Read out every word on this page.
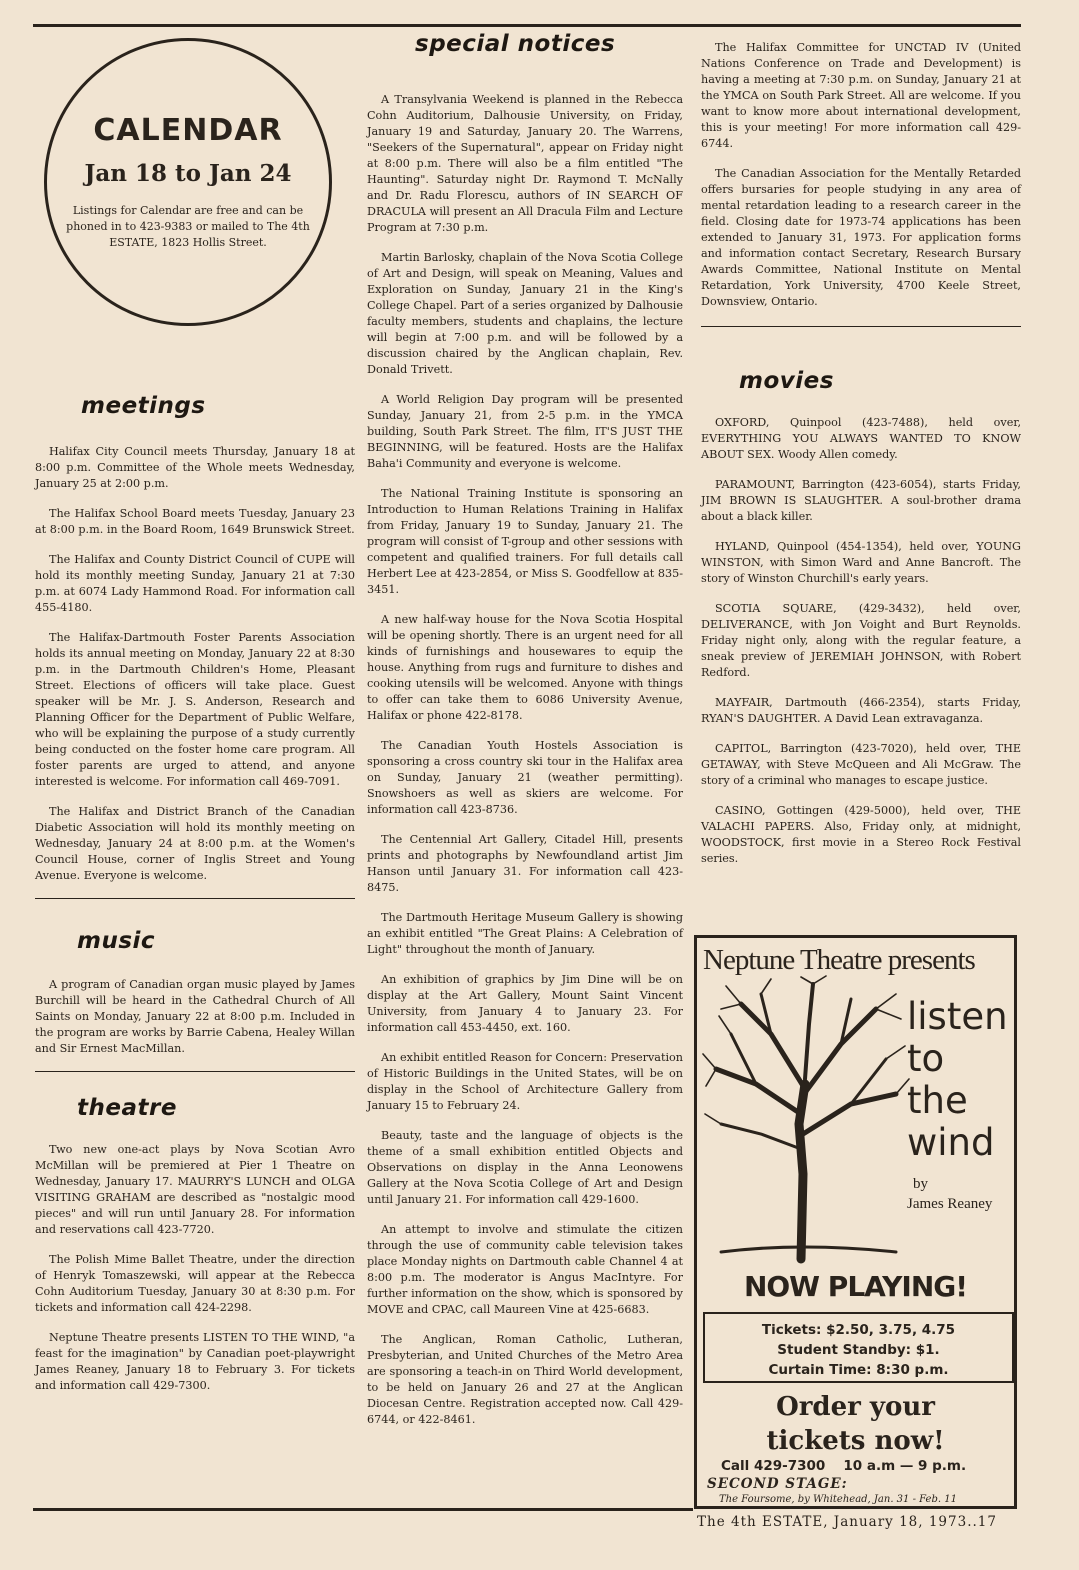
CALENDAR
Jan 18 to Jan 24
Listings for Calendar are free and can be phoned in to 423-9383 or mailed to The 4th ESTATE, 1823 Hollis Street.
meetings

Halifax City Council meets Thursday, January 18 at 8:00 p.m. Committee of the Whole meets Wednesday, January 25 at 2:00 p.m.

The Halifax School Board meets Tuesday, January 23 at 8:00 p.m. in the Board Room, 1649 Brunswick Street.

The Halifax and County District Council of CUPE will hold its monthly meeting Sunday, January 21 at 7:30 p.m. at 6074 Lady Hammond Road. For information call 455-4180.

The Halifax-Dartmouth Foster Parents Association holds its annual meeting on Monday, January 22 at 8:30 p.m. in the Dartmouth Children's Home, Pleasant Street. Elections of officers will take place. Guest speaker will be Mr. J. S. Anderson, Research and Planning Officer for the Department of Public Welfare, who will be explaining the purpose of a study currently being conducted on the foster home care program. All foster parents are urged to attend, and anyone interested is welcome. For information call 469-7091.

The Halifax and District Branch of the Canadian Diabetic Association will hold its monthly meeting on Wednesday, January 24 at 8:00 p.m. at the Women's Council House, corner of Inglis Street and Young Avenue. Everyone is welcome.

music

A program of Canadian organ music played by James Burchill will be heard in the Cathedral Church of All Saints on Monday, January 22 at 8:00 p.m. Included in the program are works by Barrie Cabena, Healey Willan and Sir Ernest MacMillan.

theatre

Two new one-act plays by Nova Scotian Avro McMillan will be premiered at Pier 1 Theatre on Wednesday, January 17. MAURRY'S LUNCH and OLGA VISITING GRAHAM are described as "nostalgic mood pieces" and will run until January 28. For information and reservations call 423-7720.

The Polish Mime Ballet Theatre, under the direction of Henryk Tomaszewski, will appear at the Rebecca Cohn Auditorium Tuesday, January 30 at 8:30 p.m. For tickets and information call 424-2298.

Neptune Theatre presents LISTEN TO THE WIND, "a feast for the imagination" by Canadian poet-playwright James Reaney, January 18 to February 3. For tickets and information call 429-7300.

special notices

A Transylvania Weekend is planned in the Rebecca Cohn Auditorium, Dalhousie University, on Friday, January 19 and Saturday, January 20. The Warrens, "Seekers of the Supernatural", appear on Friday night at 8:00 p.m. There will also be a film entitled "The Haunting". Saturday night Dr. Raymond T. McNally and Dr. Radu Florescu, authors of IN SEARCH OF DRACULA will present an All Dracula Film and Lecture Program at 7:30 p.m.

Martin Barlosky, chaplain of the Nova Scotia College of Art and Design, will speak on Meaning, Values and Exploration on Sunday, January 21 in the King's College Chapel. Part of a series organized by Dalhousie faculty members, students and chaplains, the lecture will begin at 7:00 p.m. and will be followed by a discussion chaired by the Anglican chaplain, Rev. Donald Trivett.

A World Religion Day program will be presented Sunday, January 21, from 2-5 p.m. in the YMCA building, South Park Street. The film, IT'S JUST THE BEGINNING, will be featured. Hosts are the Halifax Baha'i Community and everyone is welcome.

The National Training Institute is sponsoring an Introduction to Human Relations Training in Halifax from Friday, January 19 to Sunday, January 21. The program will consist of T-group and other sessions with competent and qualified trainers. For full details call Herbert Lee at 423-2854, or Miss S. Goodfellow at 835-3451.

A new half-way house for the Nova Scotia Hospital will be opening shortly. There is an urgent need for all kinds of furnishings and housewares to equip the house. Anything from rugs and furniture to dishes and cooking utensils will be welcomed. Anyone with things to offer can take them to 6086 University Avenue, Halifax or phone 422-8178.

The Canadian Youth Hostels Association is sponsoring a cross country ski tour in the Halifax area on Sunday, January 21 (weather permitting). Snowshoers as well as skiers are welcome. For information call 423-8736.

The Centennial Art Gallery, Citadel Hill, presents prints and photographs by Newfoundland artist Jim Hanson until January 31. For information call 423-8475.

The Dartmouth Heritage Museum Gallery is showing an exhibit entitled "The Great Plains: A Celebration of Light" throughout the month of January.

An exhibition of graphics by Jim Dine will be on display at the Art Gallery, Mount Saint Vincent University, from January 4 to January 23. For information call 453-4450, ext. 160.

An exhibit entitled Reason for Concern: Preservation of Historic Buildings in the United States, will be on display in the School of Architecture Gallery from January 15 to February 24.

Beauty, taste and the language of objects is the theme of a small exhibition entitled Objects and Observations on display in the Anna Leonowens Gallery at the Nova Scotia College of Art and Design until January 21. For information call 429-1600.

An attempt to involve and stimulate the citizen through the use of community cable television takes place Monday nights on Dartmouth cable Channel 4 at 8:00 p.m. The moderator is Angus MacIntyre. For further information on the show, which is sponsored by MOVE and CPAC, call Maureen Vine at 425-6683.

The Anglican, Roman Catholic, Lutheran, Presbyterian, and United Churches of the Metro Area are sponsoring a teach-in on Third World development, to be held on January 26 and 27 at the Anglican Diocesan Centre. Registration accepted now. Call 429-6744, or 422-8461.

The Halifax Committee for UNCTAD IV (United Nations Conference on Trade and Development) is having a meeting at 7:30 p.m. on Sunday, January 21 at the YMCA on South Park Street. All are welcome. If you want to know more about international development, this is your meeting! For more information call 429-6744.

The Canadian Association for the Mentally Retarded offers bursaries for people studying in any area of mental retardation leading to a research career in the field. Closing date for 1973-74 applications has been extended to January 31, 1973. For application forms and information contact Secretary, Research Bursary Awards Committee, National Institute on Mental Retardation, York University, 4700 Keele Street, Downsview, Ontario.

movies

OXFORD, Quinpool (423-7488), held over, EVERYTHING YOU ALWAYS WANTED TO KNOW ABOUT SEX. Woody Allen comedy.

PARAMOUNT, Barrington (423-6054), starts Friday, JIM BROWN IS SLAUGHTER. A soul-brother drama about a black killer.

HYLAND, Quinpool (454-1354), held over, YOUNG WINSTON, with Simon Ward and Anne Bancroft. The story of Winston Churchill's early years.

SCOTIA SQUARE, (429-3432), held over, DELIVERANCE, with Jon Voight and Burt Reynolds. Friday night only, along with the regular feature, a sneak preview of JEREMIAH JOHNSON, with Robert Redford.

MAYFAIR, Dartmouth (466-2354), starts Friday, RYAN'S DAUGHTER. A David Lean extravaganza.

CAPITOL, Barrington (423-7020), held over, THE GETAWAY, with Steve McQueen and Ali McGraw. The story of a criminal who manages to escape justice.

CASINO, Gottingen (429-5000), held over, THE VALACHI PAPERS. Also, Friday only, at midnight, WOODSTOCK, first movie in a Stereo Rock Festival series.

Neptune Theatre presents
listen
to
the
wind
by
James Reaney
NOW PLAYING!
Tickets: $2.50, 3.75, 4.75
Student Standby: $1.
Curtain Time: 8:30 p.m.
Order your
tickets now!
Call 429-7300 10 a.m — 9 p.m.
SECOND STAGE:
The Foursome, by Whitehead, Jan. 31 - Feb. 11
The 4th ESTATE, January 18, 1973..17
